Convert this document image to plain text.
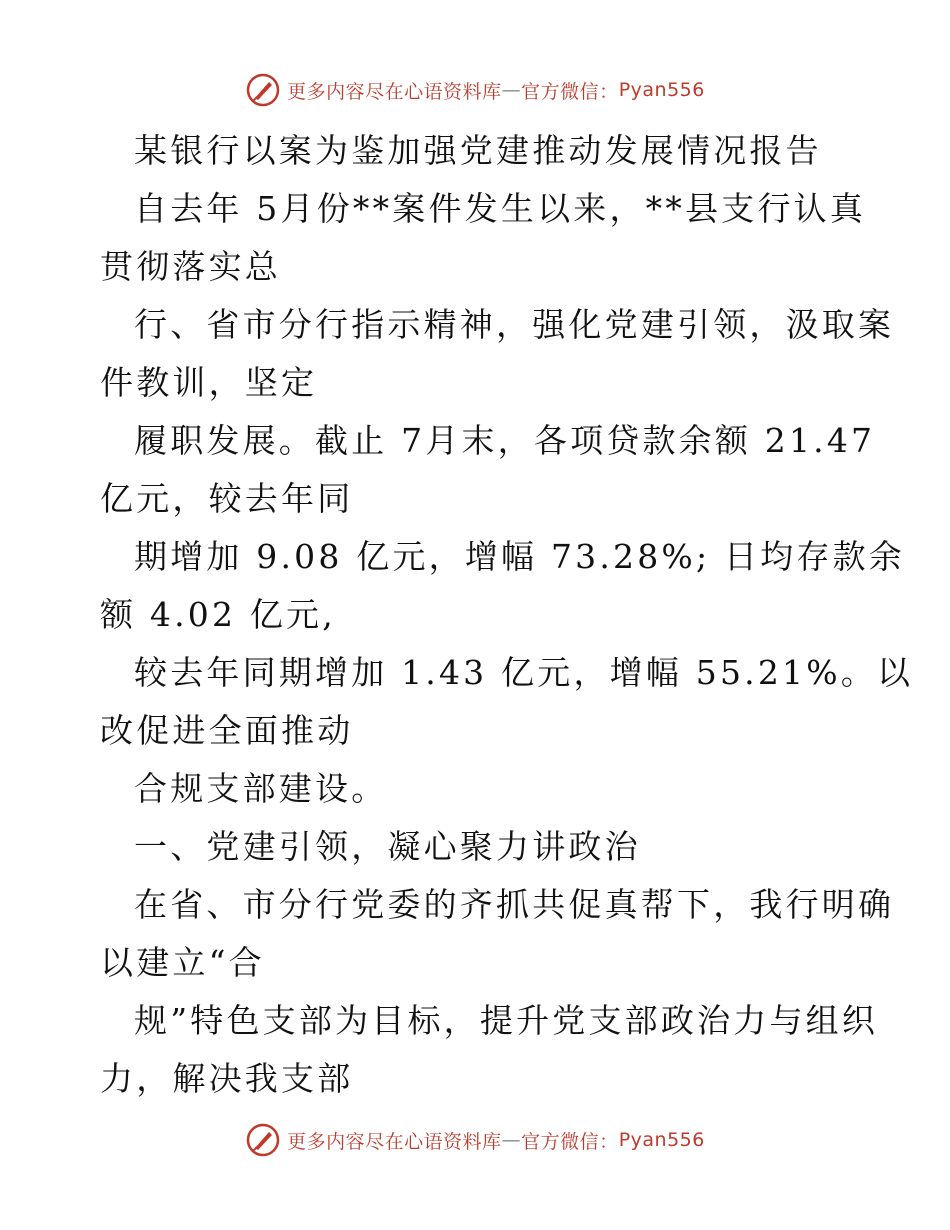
更多内容尽在心语资料库 — 官方微信： Pyan556
某银行以案为鉴加强党建推动发展情况报告
自去年 5月份**案件发生以来，**县支行认真
贯彻落实总
行、省市分行指示精神，强化党建引领，汲取案
件教训，坚定
履职发展。截止 7月末，各项贷款余额 21.47
亿元，较去年同
期增加 9.08 亿元，增幅 73.28%; 日均存款余
额 4.02 亿元,
较去年同期增加 1.43 亿元，增幅 55.21%。以
改促进全面推动
合规支部建设。
一、党建引领，凝心聚力讲政治
在省、市分行党委的齐抓共促真帮下，我行明确
以建立“合
规”特色支部为目标，提升党支部政治力与组织
力，解决我支部
更多内容尽在心语资料库 — 官方微信： Pyan556
